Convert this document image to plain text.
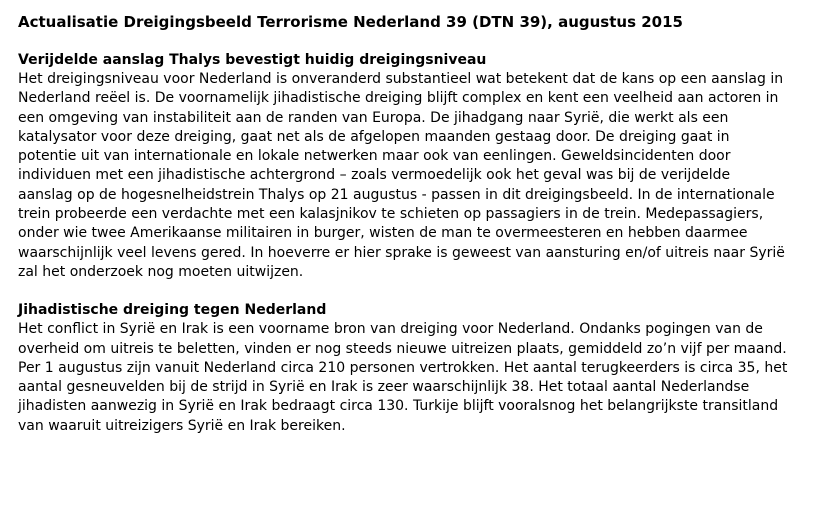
Actualisatie Dreigingsbeeld Terrorisme Nederland 39 (DTN 39), augustus 2015
Verijdelde aanslag Thalys bevestigt huidig dreigingsniveau
Het dreigingsniveau voor Nederland is onveranderd substantieel wat betekent dat de kans op een aanslag in Nederland reëel is. De voornamelijk jihadistische dreiging blijft complex en kent een veelheid aan actoren in een omgeving van instabiliteit aan de randen van Europa. De jihadgang naar Syrië, die werkt als een katalysator voor deze dreiging, gaat net als de afgelopen maanden gestaag door. De dreiging gaat in potentie uit van internationale en lokale netwerken maar ook van eenlingen. Geweldsincidenten door individuen met een jihadistische achtergrond – zoals vermoedelijk ook het geval was bij de verijdelde aanslag op de hogesnelheidstrein Thalys op 21 augustus - passen in dit dreigingsbeeld. In de internationale trein probeerde een verdachte met een kalasjnikov te schieten op passagiers in de trein. Medepassagiers, onder wie twee Amerikaanse militairen in burger, wisten de man te overmeesteren en hebben daarmee waarschijnlijk veel levens gered. In hoeverre er hier sprake is geweest van aansturing en/of uitreis naar Syrië zal het onderzoek nog moeten uitwijzen.
Jihadistische dreiging tegen Nederland
Het conflict in Syrië en Irak is een voorname bron van dreiging voor Nederland. Ondanks pogingen van de overheid om uitreis te beletten, vinden er nog steeds nieuwe uitreizen plaats, gemiddeld zo’n vijf per maand. Per 1 augustus zijn vanuit Nederland circa 210 personen vertrokken. Het aantal terugkeerders is circa 35, het aantal gesneuvelden bij de strijd in Syrië en Irak is zeer waarschijnlijk 38. Het totaal aantal Nederlandse jihadisten aanwezig in Syrië en Irak bedraagt circa 130. Turkije blijft vooralsnog het belangrijkste transitland van waaruit uitreizigers Syrië en Irak bereiken.
